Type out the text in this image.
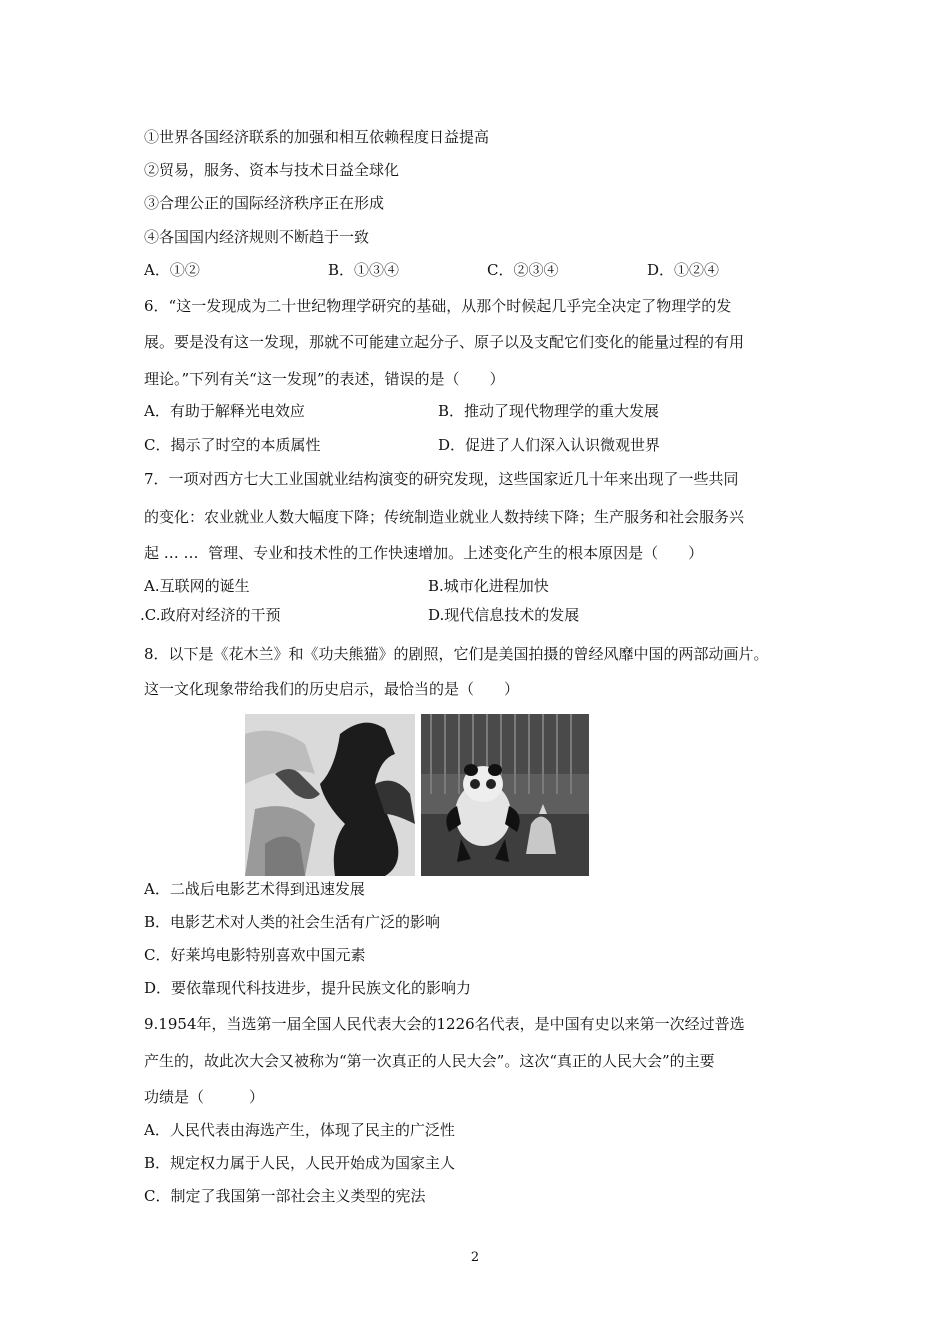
①世界各国经济联系的加强和相互依赖程度日益提高
②贸易，服务、资本与技术日益全球化
③合理公正的国际经济秩序正在形成
④各国国内经济规则不断趋于一致
A．①②	B．①③④	C．②③④	D．①②④
6．“这一发现成为二十世纪物理学研究的基础，从那个时候起几乎完全决定了物理学的发
展。要是没有这一发现，那就不可能建立起分子、原子以及支配它们变化的能量过程的有用
理论。”下列有关“这一发现”的表述，错误的是（　　）
A．有助于解释光电效应	B．推动了现代物理学的重大发展
C．揭示了时空的本质属性	D．促进了人们深入认识微观世界
7．一项对西方七大工业国就业结构演变的研究发现，这些国家近几十年来出现了一些共同
的变化：农业就业人数大幅度下降；传统制造业就业人数持续下降；生产服务和社会服务兴
起 … …  管理、专业和技术性的工作快速增加。上述变化产生的根本原因是（　　）
A.互联网的诞生	B.城市化进程加快
.C.政府对经济的干预	D.现代信息技术的发展
8．以下是《花木兰》和《功夫熊猫》的剧照，它们是美国拍摄的曾经风靡中国的两部动画片。
这一文化现象带给我们的历史启示，最恰当的是（　　）
A．二战后电影艺术得到迅速发展
B．电影艺术对人类的社会生活有广泛的影响
C．好莱坞电影特别喜欢中国元素
D．要依靠现代科技进步，提升民族文化的影响力
9.1954年，当选第一届全国人民代表大会的1226名代表，是中国有史以来第一次经过普选
产生的，故此次大会又被称为“第一次真正的人民大会”。这次“真正的人民大会”的主要
功绩是（　　　）
A．人民代表由海选产生，体现了民主的广泛性
B．规定权力属于人民，人民开始成为国家主人
C．制定了我国第一部社会主义类型的宪法
2
